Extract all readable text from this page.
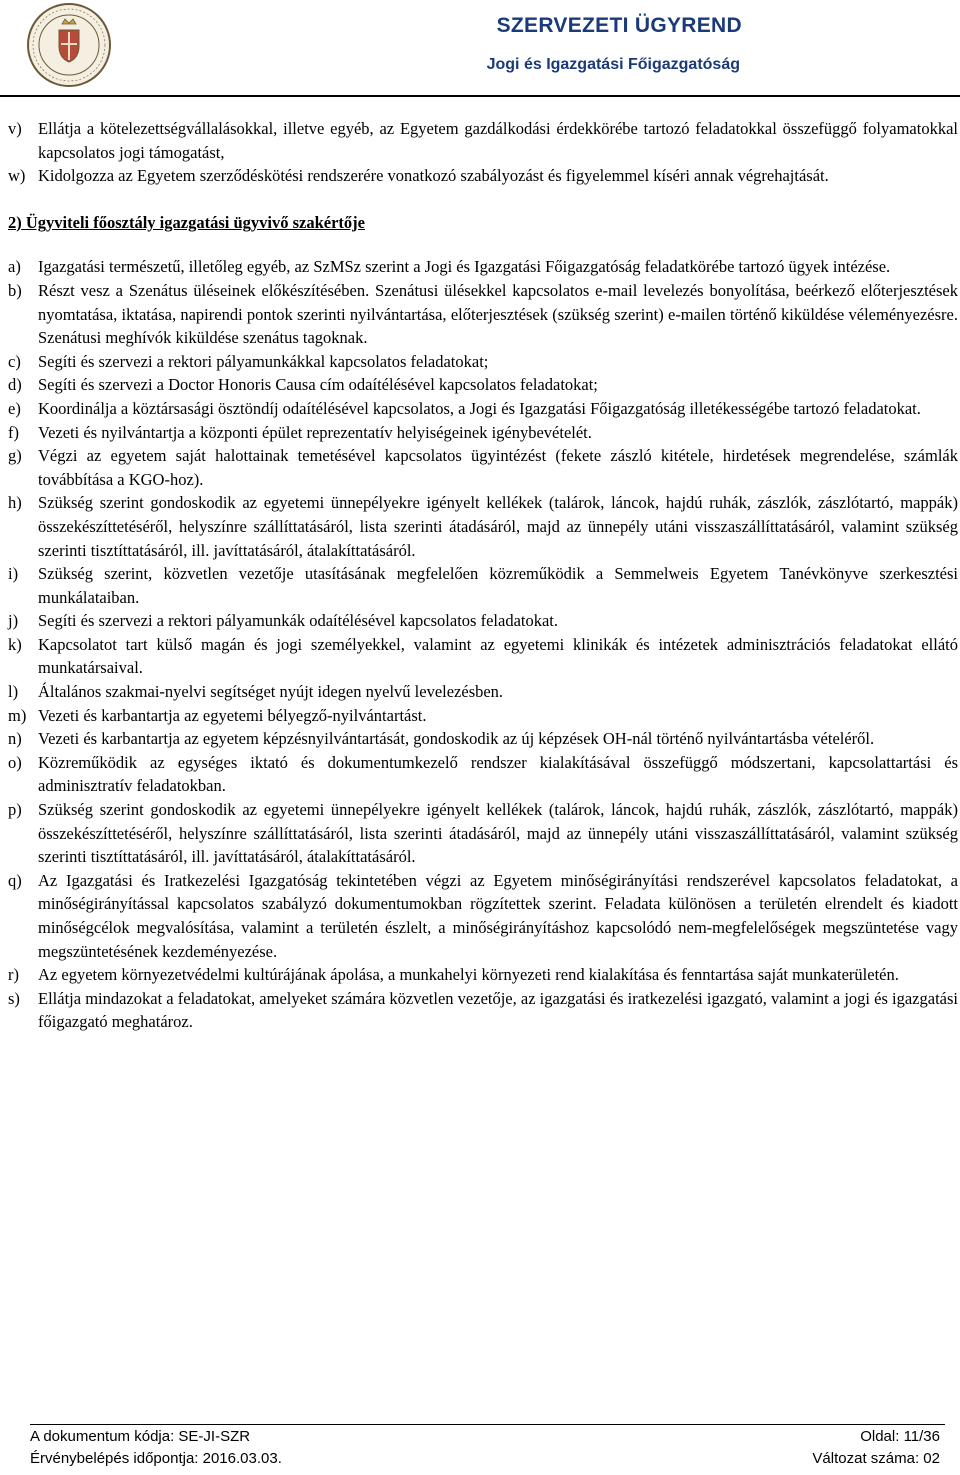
SZERVEZETI ÜGYREND
Jogi és Igazgatási Főigazgatóság
v) Ellátja a kötelezettségvállalásokkal, illetve egyéb, az Egyetem gazdálkodási érdekkörébe tartozó feladatokkal összefüggő folyamatokkal kapcsolatos jogi támogatást,
w) Kidolgozza az Egyetem szerződéskötési rendszerére vonatkozó szabályozást és figyelemmel kíséri annak végrehajtását.
2) Ügyviteli főosztály igazgatási ügyvivő szakértője
a)	Igazgatási természetű, illetőleg egyéb, az SzMSz szerint a Jogi és Igazgatási Főigazgatóság feladatkörébe tartozó ügyek intézése.
b) Részt vesz a Szenátus üléseinek előkészítésében. Szenátusi ülésekkel kapcsolatos e-mail levelezés bonyolítása, beérkező előterjesztések nyomtatása, iktatása, napirendi pontok szerinti nyilvántartása, előterjesztések (szükség szerint) e-mailen történő kiküldése véleményezésre. Szenátusi meghívók kiküldése szenátus tagoknak.
c)	Segíti és szervezi a rektori pályamunkákkal kapcsolatos feladatokat;
d) Segíti és szervezi a Doctor Honoris Causa cím odaítélésével kapcsolatos feladatokat;
e)	Koordinálja a köztársasági ösztöndíj odaítélésével kapcsolatos, a Jogi és Igazgatási Főigazgatóság illetékességébe tartozó feladatokat.
f)	Vezeti és nyilvántartja a központi épület reprezentatív helyiségeinek igénybevételét.
g) Végzi az egyetem saját halottainak temetésével kapcsolatos ügyintézést (fekete zászló kitétele, hirdetések megrendelése, számlák továbbítása a KGO-hoz).
h) Szükség szerint gondoskodik az egyetemi ünnepélyekre igényelt kellékek (talárok, láncok, hajdú ruhák, zászlók, zászlótartó, mappák) összekészíttetéséről, helyszínre szállíttatásáról, lista szerinti átadásáról, majd az ünnepély utáni visszaszállíttatásáról, valamint szükség szerinti tisztíttatásáról, ill. javíttatásáról, átalakíttatásáról.
i)	Szükség szerint, közvetlen vezetője utasításának megfelelően közreműködik a Semmelweis Egyetem Tanévkönyve szerkesztési munkálataiban.
j)	Segíti és szervezi a rektori pályamunkák odaítélésével kapcsolatos feladatokat.
k) Kapcsolatot tart külső magán és jogi személyekkel, valamint az egyetemi klinikák és intézetek adminisztrációs feladatokat ellátó munkatársaival.
l)	Általános szakmai-nyelvi segítséget nyújt idegen nyelvű levelezésben.
m) Vezeti és karbantartja az egyetemi bélyegző-nyilvántartást.
n) Vezeti és karbantartja az egyetem képzésnyilvántartását, gondoskodik az új képzések OH-nál történő nyilvántartásba vételéről.
o) Közreműködik az egységes iktató és dokumentumkezelő rendszer kialakításával összefüggő módszertani, kapcsolattartási és adminisztratív feladatokban.
p) Szükség szerint gondoskodik az egyetemi ünnepélyekre igényelt kellékek (talárok, láncok, hajdú ruhák, zászlók, zászlótartó, mappák) összekészíttetéséről, helyszínre szállíttatásáról, lista szerinti átadásáról, majd az ünnepély utáni visszaszállíttatásáról, valamint szükség szerinti tisztíttatásáról, ill. javíttatásáról, átalakíttatásáról.
q) Az Igazgatási és Iratkezelési Igazgatóság tekintetében végzi az Egyetem minőségirányítási rendszerével kapcsolatos feladatokat, a minőségirányítással kapcsolatos szabályzó dokumentumokban rögzítettek szerint. Feladata különösen a területén elrendelt és kiadott minőségcélok megvalósítása, valamint a területén észlelt, a minőségirányításhoz kapcsolódó nem-megfelelőségek megszüntetése vagy megszüntetésének kezdeményezése.
r)	Az egyetem környezetvédelmi kultúrájának ápolása, a munkahelyi környezeti rend kialakítása és fenntartása saját munkaterületén.
s)	Ellátja mindazokat a feladatokat, amelyeket számára közvetlen vezetője, az igazgatási és iratkezelési igazgató, valamint a jogi és igazgatási főigazgató meghatároz.
A dokumentum kódja: SE-JI-SZR	Oldal: 11/36
Érvénybelépés időpontja: 2016.03.03.	Változat száma: 02
